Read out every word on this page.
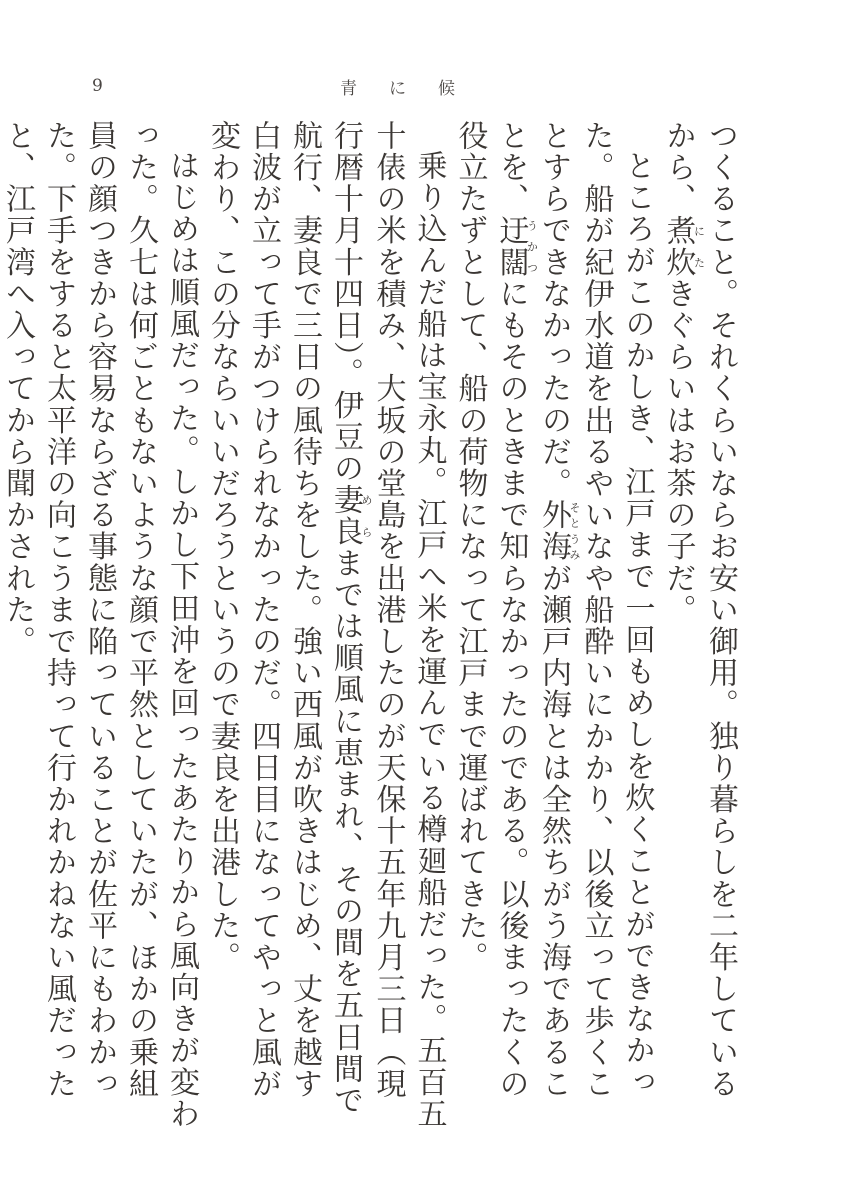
9	青に候

つくること。それくらいならお安い御用。独り暮らしを二年しているから、煮炊にたきぐらいはお茶の子だ。

ところがこのかしき、江戸まで一回もめしを炊くことができなかった。船が紀伊水道を出るやいなや船酔いにかかり、以後立って歩くことすらできなかったのだ。外海そとうみが瀬戸内海とは全然ちがう海であることを、迂闊うかつにもそのときまで知らなかったのである。以後まったくの役立たずとして、船の荷物になって江戸まで運ばれてきた。

乗り込んだ船は宝永丸。江戸へ米を運んでいる樽廻船だった。五百五十俵の米を積み、大坂の堂島を出港したのが天保十五年九月三日（現行暦十月十四日）。伊豆の妻良めらまでは順風に恵まれ、その間を五日間で航行、妻良で三日の風待ちをした。強い西風が吹きはじめ、丈を越す白波が立って手がつけられなかったのだ。四日目になってやっと風が変わり、この分ならいいだろうというので妻良を出港した。

はじめは順風だった。しかし下田沖を回ったあたりから風向きが変わった。久七は何ごともないような顔で平然としていたが、ほかの乗組員の顔つきから容易ならざる事態に陥っていることが佐平にもわかった。下手をすると太平洋の向こうまで持って行かれかねない風だったと、江戸湾へ入ってから聞かされた。
